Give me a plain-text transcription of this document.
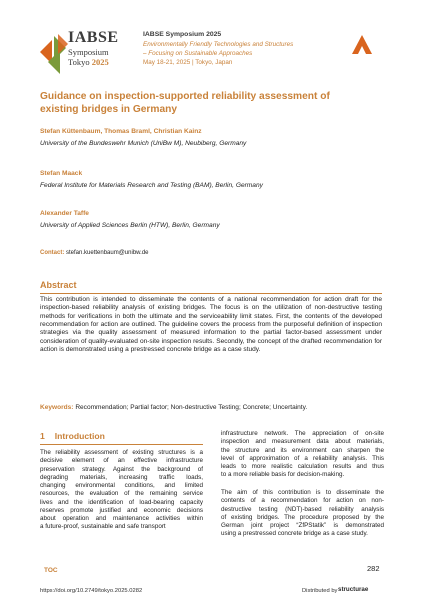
IABSE
Symposium
Tokyo 2025
IABSE Symposium 2025
Environmentally Friendly Technologies and Structures
– Focusing on Sustainable Approaches
May 18-21, 2025 | Tokyo, Japan
Guidance on inspection-supported reliability assessment of existing bridges in Germany
Stefan Küttenbaum, Thomas Braml, Christian Kainz
University of the Bundeswehr Munich (UniBw M), Neubiberg, Germany
Stefan Maack
Federal Institute for Materials Research and Testing (BAM), Berlin, Germany
Alexander Taffe
University of Applied Sciences Berlin (HTW), Berlin, Germany
Contact: stefan.kuettenbaum@unibw.de
Abstract
This contribution is intended to disseminate the contents of a national recommendation for action draft for the inspection-based reliability analysis of existing bridges. The focus is on the utilization of non-destructive testing methods for verifications in both the ultimate and the serviceability limit states. First, the contents of the developed recommendation for action are outlined. The guideline covers the process from the purposeful definition of inspection strategies via the quality assessment of measured information to the partial factor-based assessment under consideration of quality-evaluated on-site inspection results. Secondly, the concept of the drafted recommendation for action is demonstrated using a prestressed concrete bridge as a case study.
Keywords: Recommendation; Partial factor; Non-destructive Testing; Concrete; Uncertainty.
1 Introduction
The reliability assessment of existing structures is a
decisive element of an effective infrastructure
preservation strategy. Against the background of
degrading materials, increasing traffic loads,
changing environmental conditions, and limited
resources, the evaluation of the remaining service
lives and the identification of load-bearing capacity
reserves promote justified and economic decisions
about operation and maintenance activities within
a future-proof, sustainable and safe transport
infrastructure network. The appreciation of on-site
inspection and measurement data about materials,
the structure and its environment can sharpen the
level of approximation of a reliability analysis. This
leads to more realistic calculation results and thus
to a more reliable basis for decision-making.
The aim of this contribution is to disseminate the
contents of a recommendation for action on non-
destructive testing (NDT)-based reliability analysis
of existing bridges. The procedure proposed by the
German joint project “ZfPStatik” is demonstrated
using a prestressed concrete bridge as a case study.
TOC	282
https://doi.org/10.2749/tokyo.2025.0282	Distributed by structurae
